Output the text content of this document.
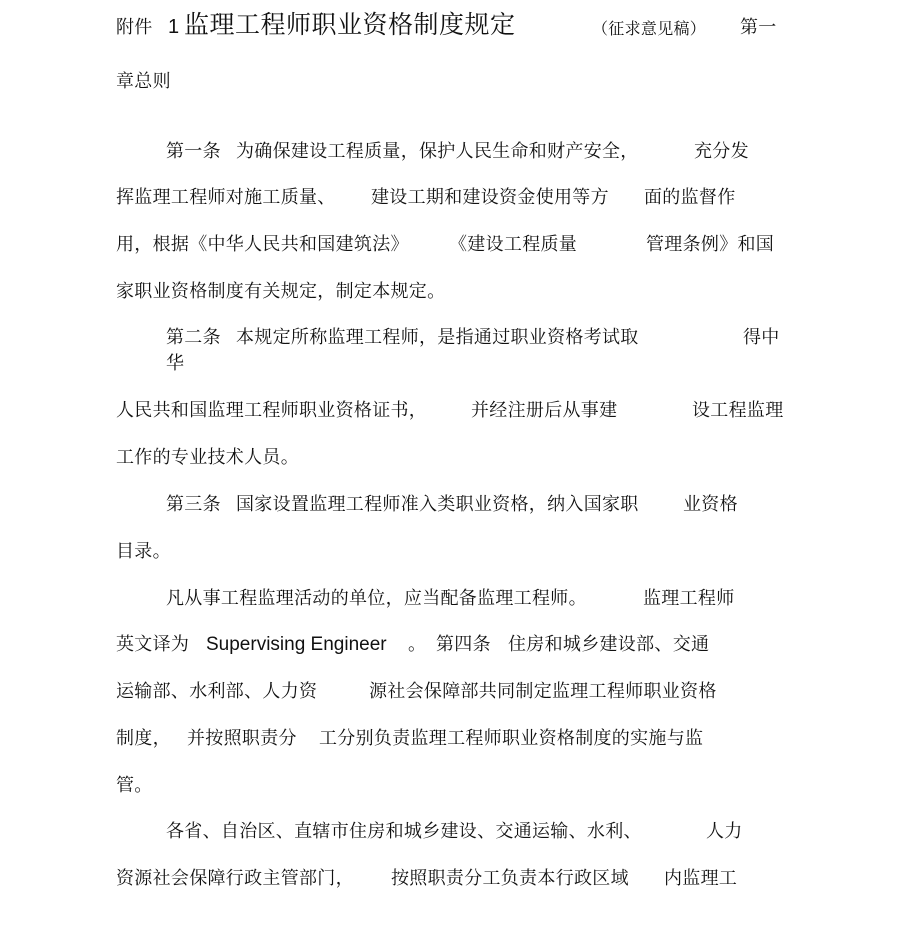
附件 1 监理工程师职业资格制度规定	（征求意见稿） 第一
章总则
第一条 为确保建设工程质量，保护人民生命和财产安全，	充分发
挥监理工程师对施工质量、 建设工期和建设资金使用等方 面的监督作
用，根据《中华人民共和国建筑法》 《建设工程质量	管理条例》和国
家职业资格制度有关规定，制定本规定。
第二条 本规定所称监理工程师，是指通过职业资格考试取	得中
华
人民共和国监理工程师职业资格证书， 并经注册后从事建	设工程监理
工作的专业技术人员。
第三条 国家设置监理工程师准入类职业资格，纳入国家职 业资格
目录。
凡从事工程监理活动的单位，应当配备监理工程师。	监理工程师
英文译为 Supervising Engineer 。 第四条 住房和城乡建设部、交通
运输部、水利部、人力资	源社会保障部共同制定监理工程师职业资格
制度， 并按照职责分 工分别负责监理工程师职业资格制度的实施与监
管。
各省、自治区、直辖市住房和城乡建设、交通运输、水利、	人力
资源社会保障行政主管部门， 按照职责分工负责本行政区域 内监理工
